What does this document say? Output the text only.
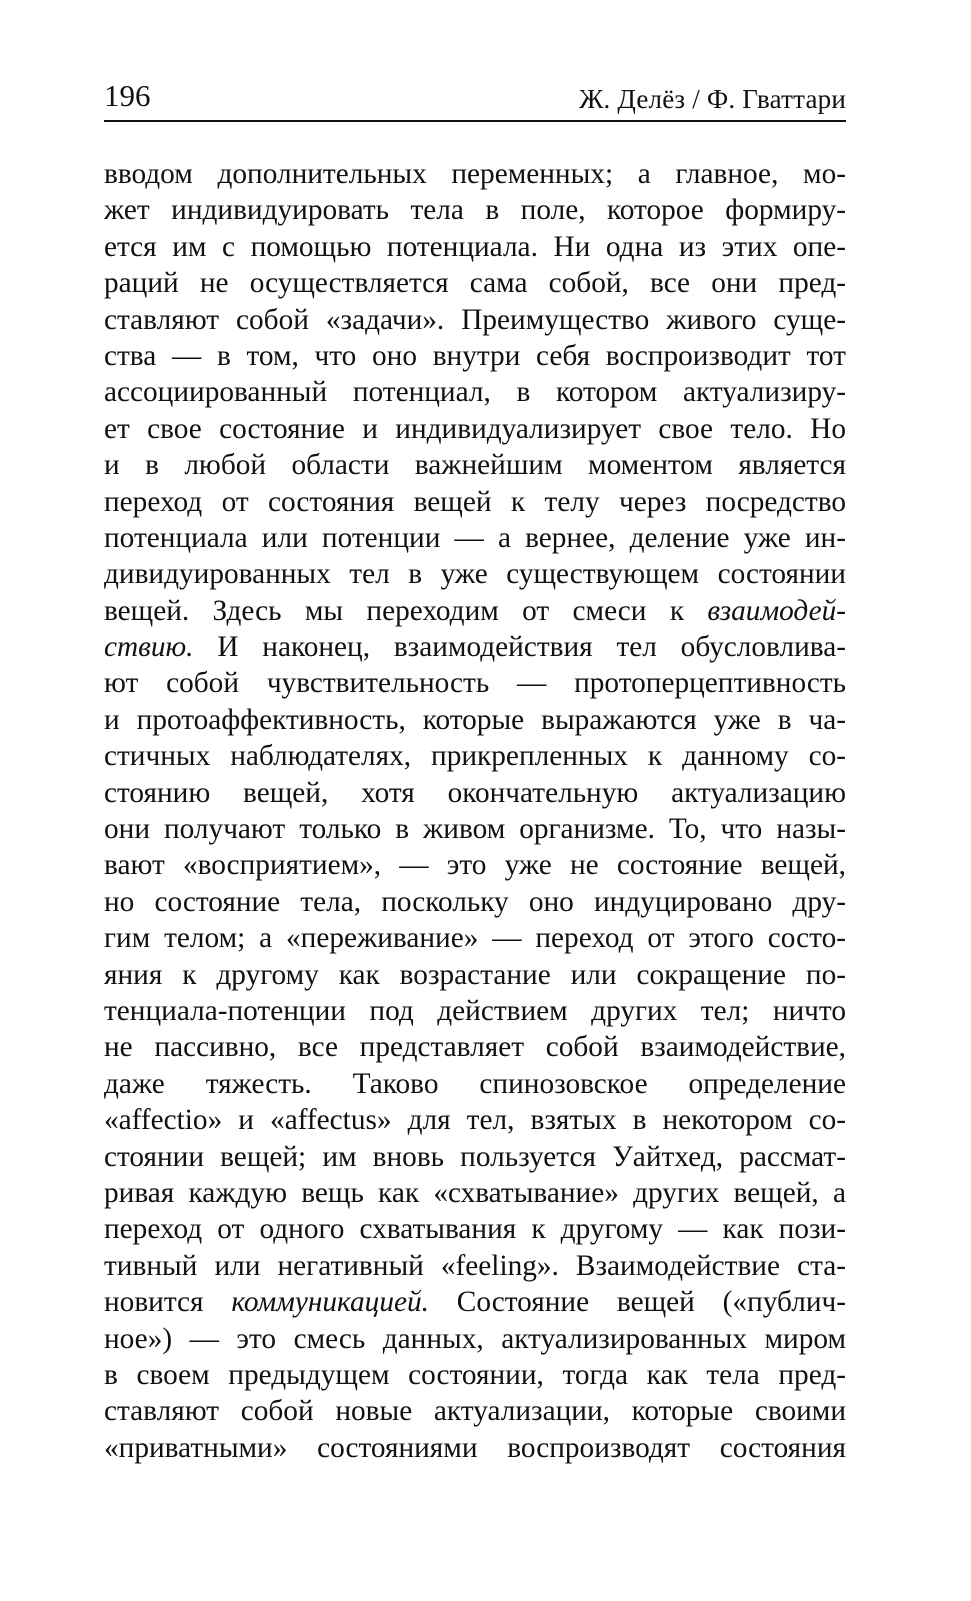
196	Ж. Делёз / Ф. Гваттари
вводом дополнительных переменных; а главное, мо-
жет индивидуировать тела в поле, которое формиру-
ется им с помощью потенциала. Ни одна из этих опе-
раций не осуществляется сама собой, все они пред-
ставляют собой «задачи». Преимущество живого суще-
ства — в том, что оно внутри себя воспроизводит тот
ассоциированный потенциал, в котором актуализиру-
ет свое состояние и индивидуализирует свое тело. Но
и в любой области важнейшим моментом является
переход от состояния вещей к телу через посредство
потенциала или потенции — а вернее, деление уже ин-
дивидуированных тел в уже существующем состоянии
вещей. Здесь мы переходим от смеси к взаимодей-
ствию. И наконец, взаимодействия тел обусловлива-
ют собой чувствительность — протоперцептивность
и протоаффективность, которые выражаются уже в ча-
стичных наблюдателях, прикрепленных к данному со-
стоянию вещей, хотя окончательную актуализацию
они получают только в живом организме. То, что назы-
вают «восприятием», — это уже не состояние вещей,
но состояние тела, поскольку оно индуцировано дру-
гим телом; а «переживание» — переход от этого состо-
яния к другому как возрастание или сокращение по-
тенциала-потенции под действием других тел; ничто
не пассивно, все представляет собой взаимодействие,
даже тяжесть. Таково спинозовское определение
«affectio» и «affectus» для тел, взятых в некотором со-
стоянии вещей; им вновь пользуется Уайтхед, рассмат-
ривая каждую вещь как «схватывание» других вещей, а
переход от одного схватывания к другому — как пози-
тивный или негативный «feeling». Взаимодействие ста-
новится коммуникацией. Состояние вещей («публич-
ное») — это смесь данных, актуализированных миром
в своем предыдущем состоянии, тогда как тела пред-
ставляют собой новые актуализации, которые своими
«приватными» состояниями воспроизводят состояния
